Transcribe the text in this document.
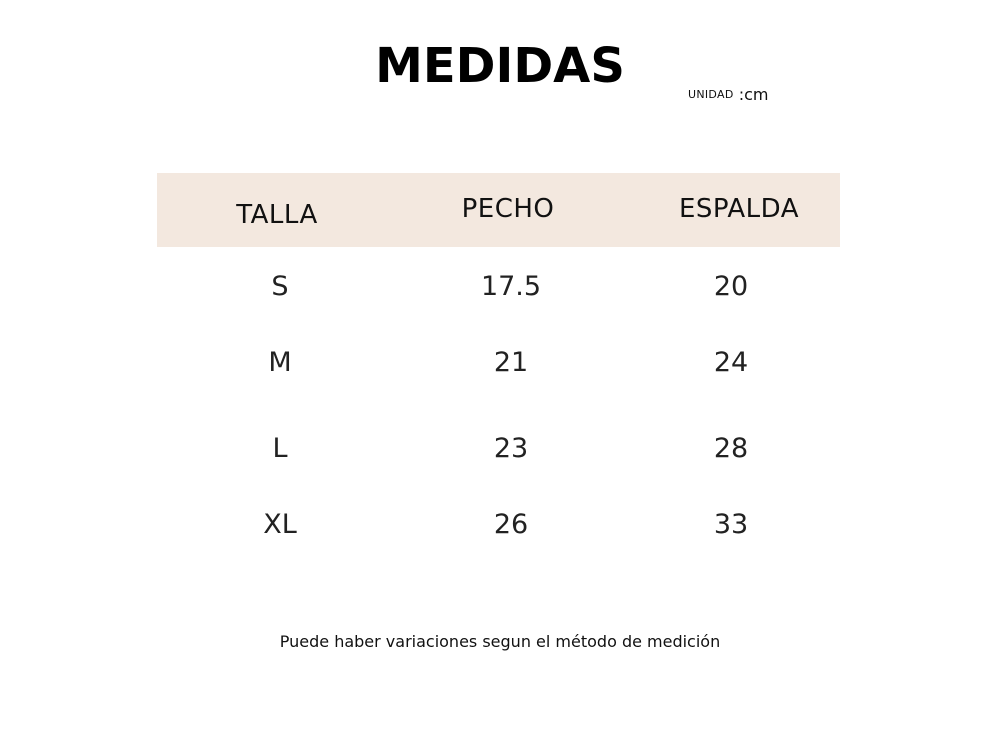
MEDIDAS
UNIDAD :cm
TALLA	PECHO	ESPALDA
S	17.5	20
M	21	24
L	23	28
XL	26	33
Puede haber variaciones segun el método de medición
